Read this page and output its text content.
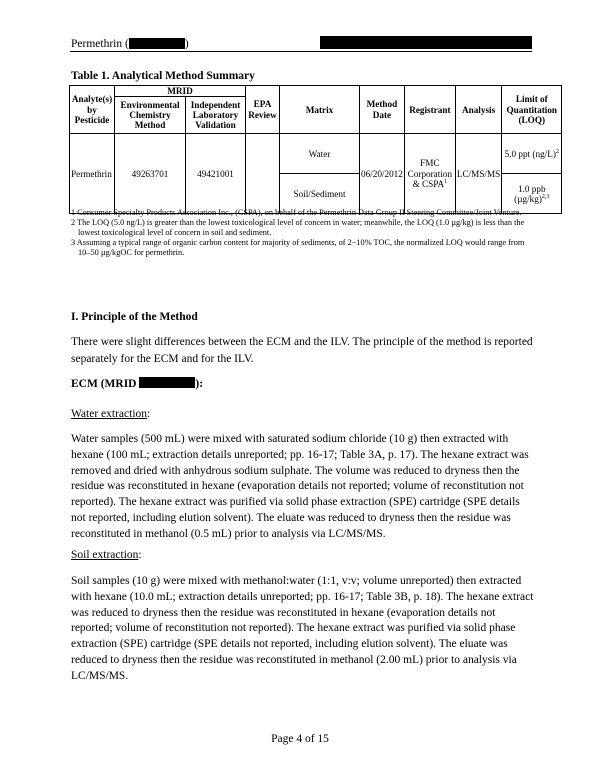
Permethrin (	)
Table 1. Analytical Method Summary
Analyte(s) by Pesticide	MRID		EPA Review	Matrix	Method Date	Registrant	Analysis	Limit of Quantitation (LOQ)
	Environmental Chemistry Method	Independent Laboratory Validation						
Permethrin	49263701	49421001		Water	06/20/2012	FMC Corporation & CSPA$^1$	LC/MS/MS	5.0 ppt $(ng/L)^2$
				Soil/Sediment				1.0 ppb $(\mu g/kg)^{2,3}$
1 Consumer Specialty Products Association Inc., (CSPA), on behalf of the Permethrin Data Group II Steering Committee/Joint Venture.
2 The LOQ (5.0 ng/L) is greater than the lowest toxicological level of concern in water; meanwhile, the LOQ (1.0 µg/kg) is less than the lowest toxicological level of concern in soil and sediment.
3 Assuming a typical range of organic carbon content for majority of sediments, of 2−10% TOC, the normalized LOQ would range from 10–50 µg/kgOC for permethrin.
I. Principle of the Method
There were slight differences between the ECM and the ILV. The principle of the method is reported separately for the ECM and for the ILV.
ECM (MRID	):
Water extraction:
Water samples (500 mL) were mixed with saturated sodium chloride (10 g) then extracted with hexane (100 mL; extraction details unreported; pp. 16-17; Table 3A, p. 17). The hexane extract was removed and dried with anhydrous sodium sulphate. The volume was reduced to dryness then the residue was reconstituted in hexane (evaporation details not reported; volume of reconstitution not reported). The hexane extract was purified via solid phase extraction (SPE) cartridge (SPE details not reported, including elution solvent). The eluate was reduced to dryness then the residue was reconstituted in methanol (0.5 mL) prior to analysis via LC/MS/MS.
Soil extraction:
Soil samples (10 g) were mixed with methanol:water (1:1, v:v; volume unreported) then extracted with hexane (10.0 mL; extraction details unreported; pp. 16-17; Table 3B, p. 18). The hexane extract was reduced to dryness then the residue was reconstituted in hexane (evaporation details not reported; volume of reconstitution not reported). The hexane extract was purified via solid phase extraction (SPE) cartridge (SPE details not reported, including elution solvent). The eluate was reduced to dryness then the residue was reconstituted in methanol (2.00 mL) prior to analysis via LC/MS/MS.
Page 4 of 15
